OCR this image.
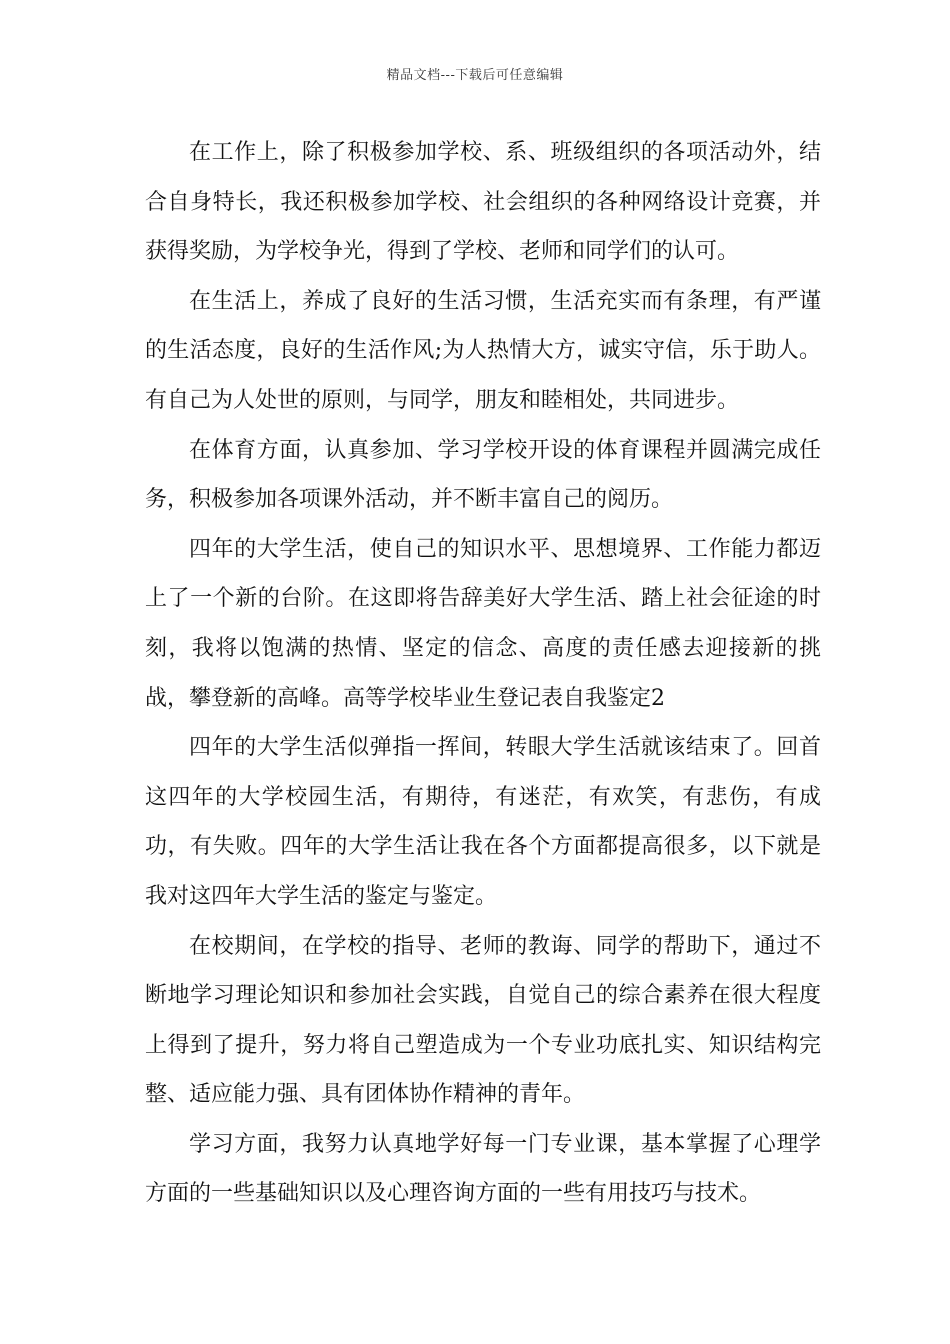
精品文档---下载后可任意编辑

在工作上，除了积极参加学校、系、班级组织的各项活动外，结合自身特长，我还积极参加学校、社会组织的各种网络设计竞赛，并获得奖励，为学校争光，得到了学校、老师和同学们的认可。

在生活上，养成了良好的生活习惯，生活充实而有条理，有严谨的生活态度，良好的生活作风;为人热情大方，诚实守信，乐于助人。有自己为人处世的原则，与同学，朋友和睦相处，共同进步。

在体育方面，认真参加、学习学校开设的体育课程并圆满完成任务，积极参加各项课外活动，并不断丰富自己的阅历。

四年的大学生活，使自己的知识水平、思想境界、工作能力都迈上了一个新的台阶。在这即将告辞美好大学生活、踏上社会征途的时刻，我将以饱满的热情、坚定的信念、高度的责任感去迎接新的挑战，攀登新的高峰。高等学校毕业生登记表自我鉴定2

四年的大学生活似弹指一挥间，转眼大学生活就该结束了。回首这四年的大学校园生活，有期待，有迷茫，有欢笑，有悲伤，有成功，有失败。四年的大学生活让我在各个方面都提高很多，以下就是我对这四年大学生活的鉴定与鉴定。

在校期间，在学校的指导、老师的教诲、同学的帮助下，通过不断地学习理论知识和参加社会实践，自觉自己的综合素养在很大程度上得到了提升，努力将自己塑造成为一个专业功底扎实、知识结构完整、适应能力强、具有团体协作精神的青年。

学习方面，我努力认真地学好每一门专业课，基本掌握了心理学方面的一些基础知识以及心理咨询方面的一些有用技巧与技术。
